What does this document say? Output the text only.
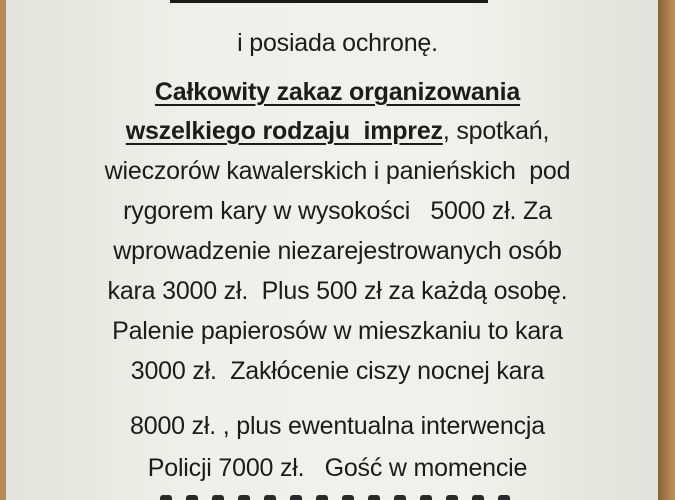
i posiada ochronę.
Całkowity zakaz organizowania
wszelkiego rodzaju  imprez, spotkań,
wieczorów kawalerskich i panieńskich  pod
rygorem kary w wysokości   5000 zł. Za
wprowadzenie niezarejestrowanych osób
kara 3000 zł.  Plus 500 zł za każdą osobę.
Palenie papierosów w mieszkaniu to kara
3000 zł.  Zakłócenie ciszy nocnej kara
8000 zł. , plus ewentualna interwencja
Policji 7000 zł.   Gość w momencie
